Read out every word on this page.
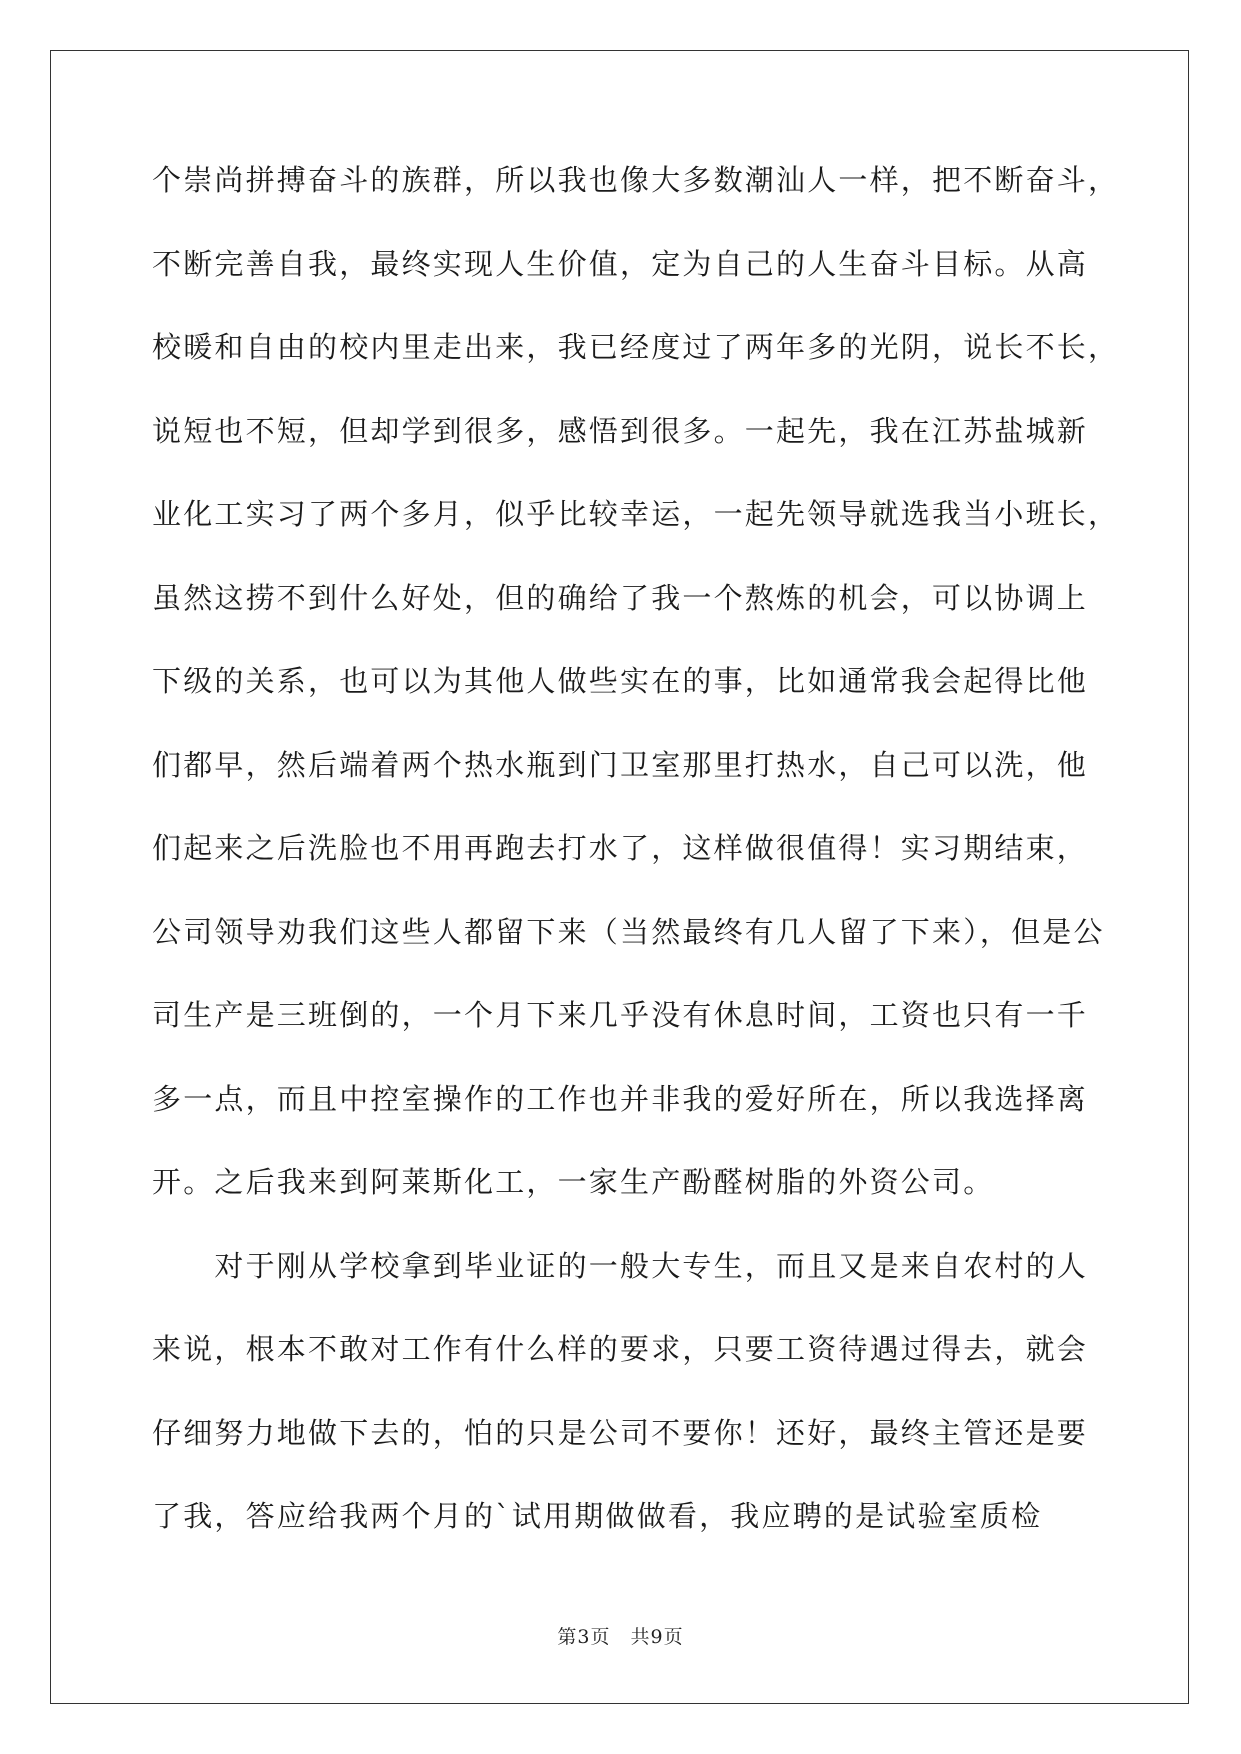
个崇尚拼搏奋斗的族群，所以我也像大多数潮汕人一样，把不断奋斗，
不断完善自我，最终实现人生价值，定为自己的人生奋斗目标。从高
校暖和自由的校内里走出来，我已经度过了两年多的光阴，说长不长，
说短也不短，但却学到很多，感悟到很多。一起先，我在江苏盐城新
业化工实习了两个多月，似乎比较幸运，一起先领导就选我当小班长，
虽然这捞不到什么好处，但的确给了我一个熬炼的机会，可以协调上
下级的关系，也可以为其他人做些实在的事，比如通常我会起得比他
们都早，然后端着两个热水瓶到门卫室那里打热水，自己可以洗，他
们起来之后洗脸也不用再跑去打水了，这样做很值得！实习期结束，
公司领导劝我们这些人都留下来（当然最终有几人留了下来），但是公
司生产是三班倒的，一个月下来几乎没有休息时间，工资也只有一千
多一点，而且中控室操作的工作也并非我的爱好所在，所以我选择离
开。之后我来到阿莱斯化工，一家生产酚醛树脂的外资公司。
　　对于刚从学校拿到毕业证的一般大专生，而且又是来自农村的人
来说，根本不敢对工作有什么样的要求，只要工资待遇过得去，就会
仔细努力地做下去的，怕的只是公司不要你！还好，最终主管还是要
了我，答应给我两个月的`试用期做做看，我应聘的是试验室质检
第3页　共9页
